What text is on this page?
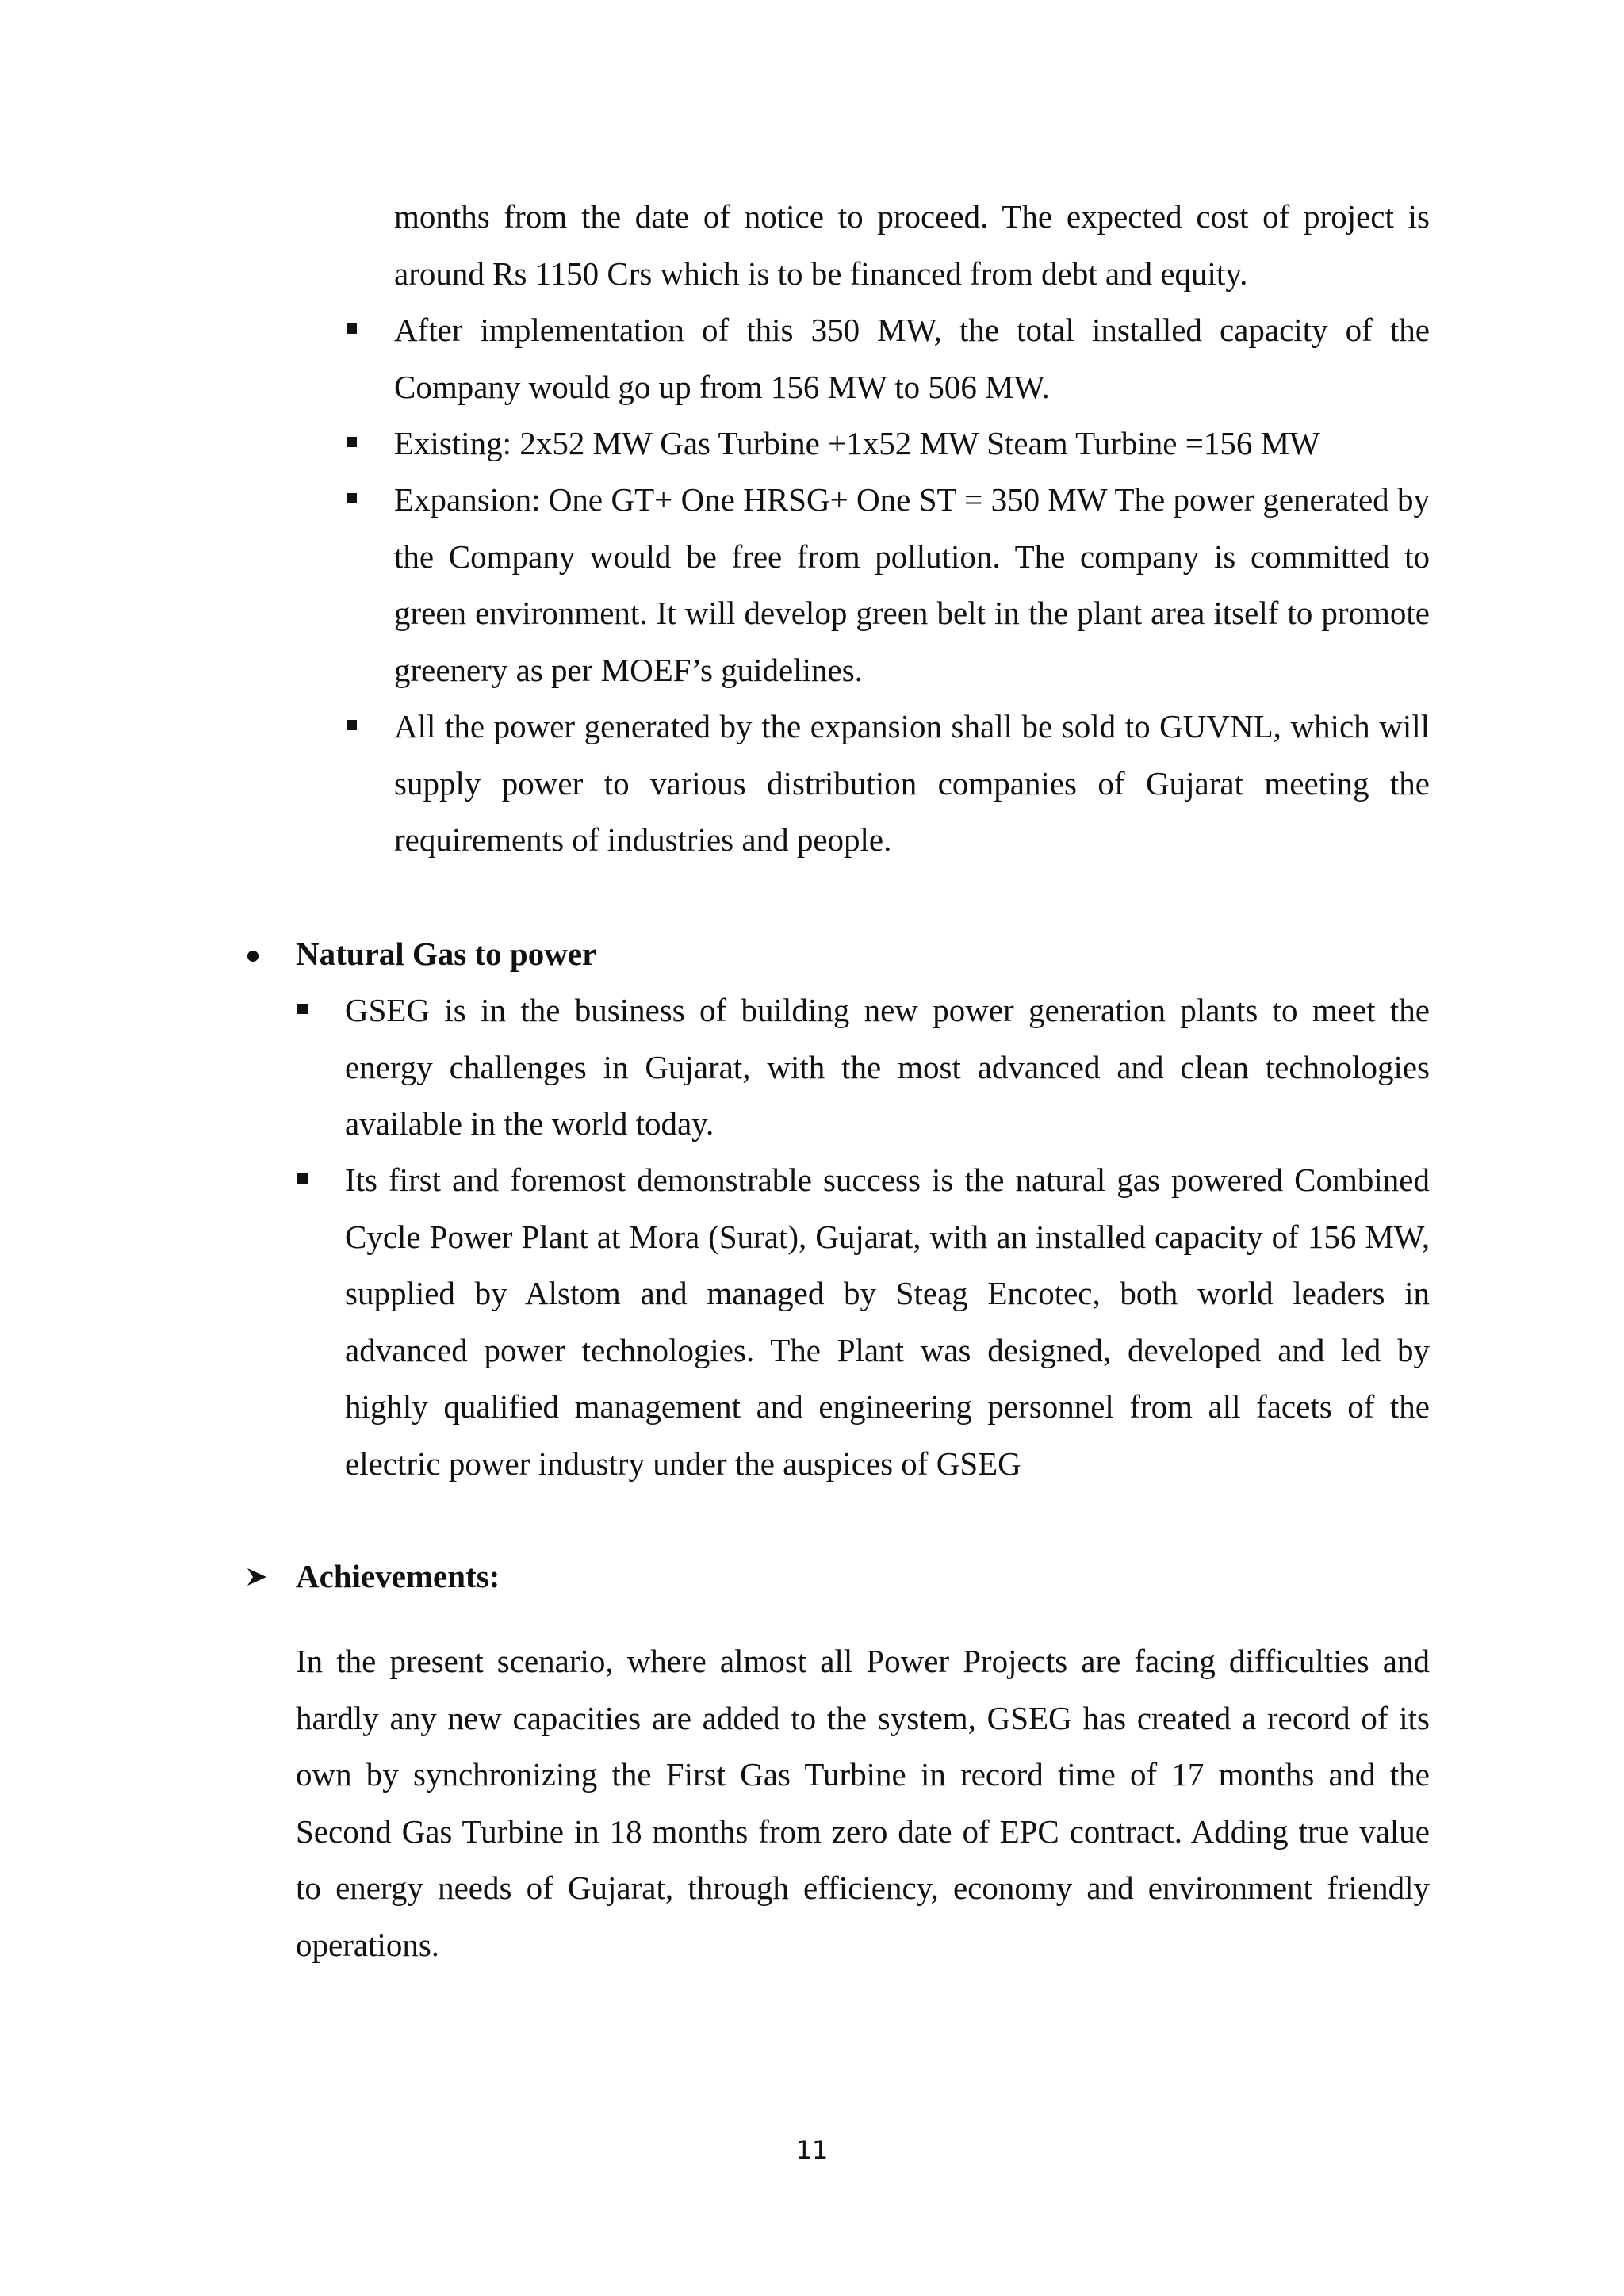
months from the date of notice to proceed. The expected cost of project is around Rs 1150 Crs which is to be financed from debt and equity.

After implementation of this 350 MW, the total installed capacity of the Company would go up from 156 MW to 506 MW.

Existing: 2x52 MW Gas Turbine +1x52 MW Steam Turbine =156 MW

Expansion: One GT+ One HRSG+ One ST = 350 MW The power generated by the Company would be free from pollution. The company is committed to green environment. It will develop green belt in the plant area itself to promote greenery as per MOEF’s guidelines.

All the power generated by the expansion shall be sold to GUVNL, which will supply power to various distribution companies of Gujarat meeting the requirements of industries and people.

Natural Gas to power

GSEG is in the business of building new power generation plants to meet the energy challenges in Gujarat, with the most advanced and clean technologies available in the world today.

Its first and foremost demonstrable success is the natural gas powered Combined Cycle Power Plant at Mora (Surat), Gujarat, with an installed capacity of 156 MW, supplied by Alstom and managed by Steag Encotec, both world leaders in advanced power technologies. The Plant was designed, developed and led by highly qualified management and engineering personnel from all facets of the electric power industry under the auspices of GSEG

Achievements:

In the present scenario, where almost all Power Projects are facing difficulties and hardly any new capacities are added to the system, GSEG has created a record of its own by synchronizing the First Gas Turbine in record time of 17 months and the Second Gas Turbine in 18 months from zero date of EPC contract. Adding true value to energy needs of Gujarat, through efficiency, economy and environment friendly operations.

11
